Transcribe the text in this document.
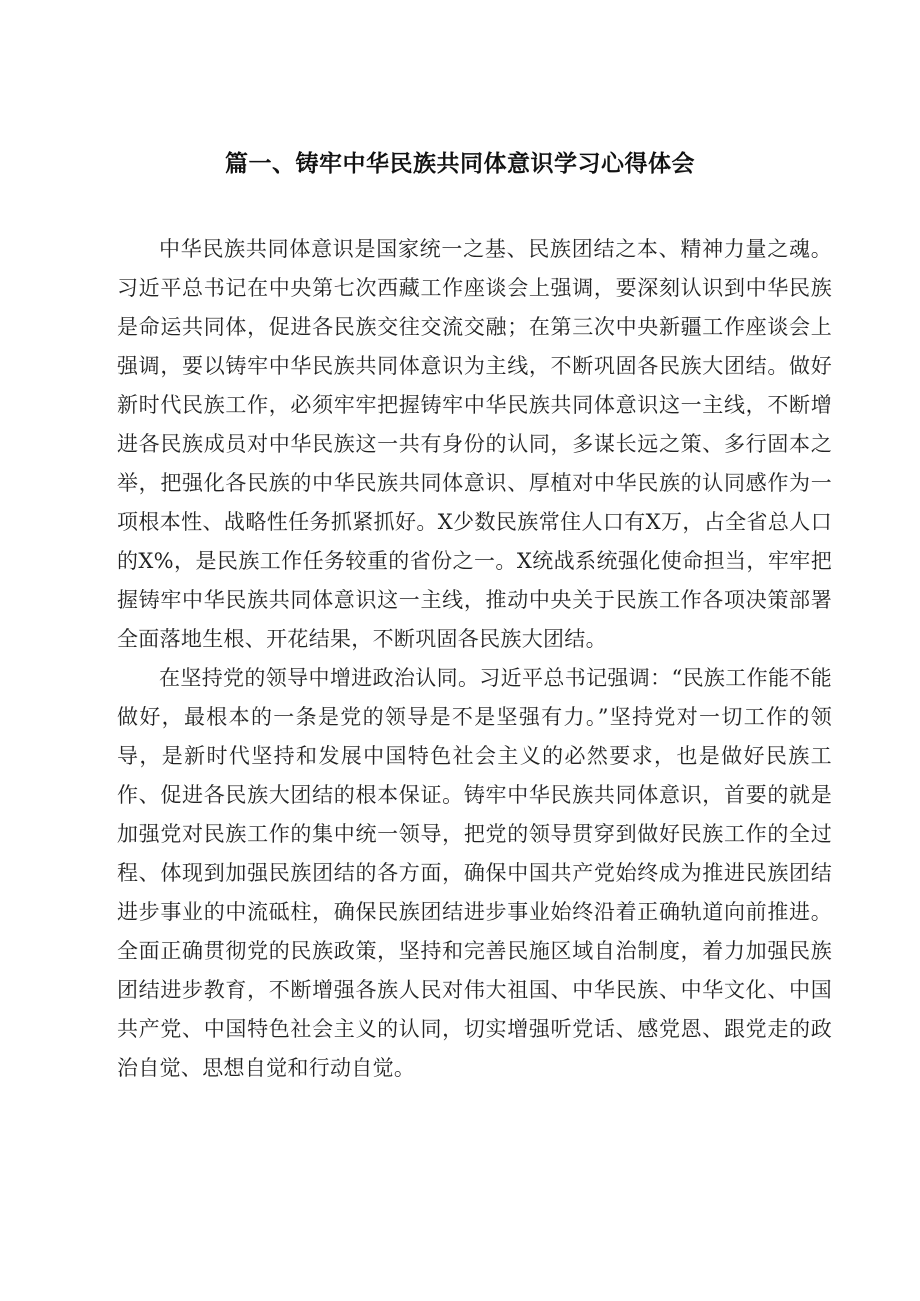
篇一、铸牢中华民族共同体意识学习心得体会

中华民族共同体意识是国家统一之基、民族团结之本、精神力量之魂。习近平总书记在中央第七次西藏工作座谈会上强调，要深刻认识到中华民族是命运共同体，促进各民族交往交流交融；在第三次中央新疆工作座谈会上强调，要以铸牢中华民族共同体意识为主线，不断巩固各民族大团结。做好新时代民族工作，必须牢牢把握铸牢中华民族共同体意识这一主线，不断增进各民族成员对中华民族这一共有身份的认同，多谋长远之策、多行固本之举，把强化各民族的中华民族共同体意识、厚植对中华民族的认同感作为一项根本性、战略性任务抓紧抓好。X少数民族常住人口有X万，占全省总人口的X%，是民族工作任务较重的省份之一。X统战系统强化使命担当，牢牢把握铸牢中华民族共同体意识这一主线，推动中央关于民族工作各项决策部署全面落地生根、开花结果，不断巩固各民族大团结。

在坚持党的领导中增进政治认同。习近平总书记强调：“民族工作能不能做好，最根本的一条是党的领导是不是坚强有力。”坚持党对一切工作的领导，是新时代坚持和发展中国特色社会主义的必然要求，也是做好民族工作、促进各民族大团结的根本保证。铸牢中华民族共同体意识，首要的就是加强党对民族工作的集中统一领导，把党的领导贯穿到做好民族工作的全过程、体现到加强民族团结的各方面，确保中国共产党始终成为推进民族团结进步事业的中流砥柱，确保民族团结进步事业始终沿着正确轨道向前推进。全面正确贯彻党的民族政策，坚持和完善民施区域自治制度，着力加强民族团结进步教育，不断增强各族人民对伟大祖国、中华民族、中华文化、中国共产党、中国特色社会主义的认同，切实增强听党话、感党恩、跟党走的政治自觉、思想自觉和行动自觉。
